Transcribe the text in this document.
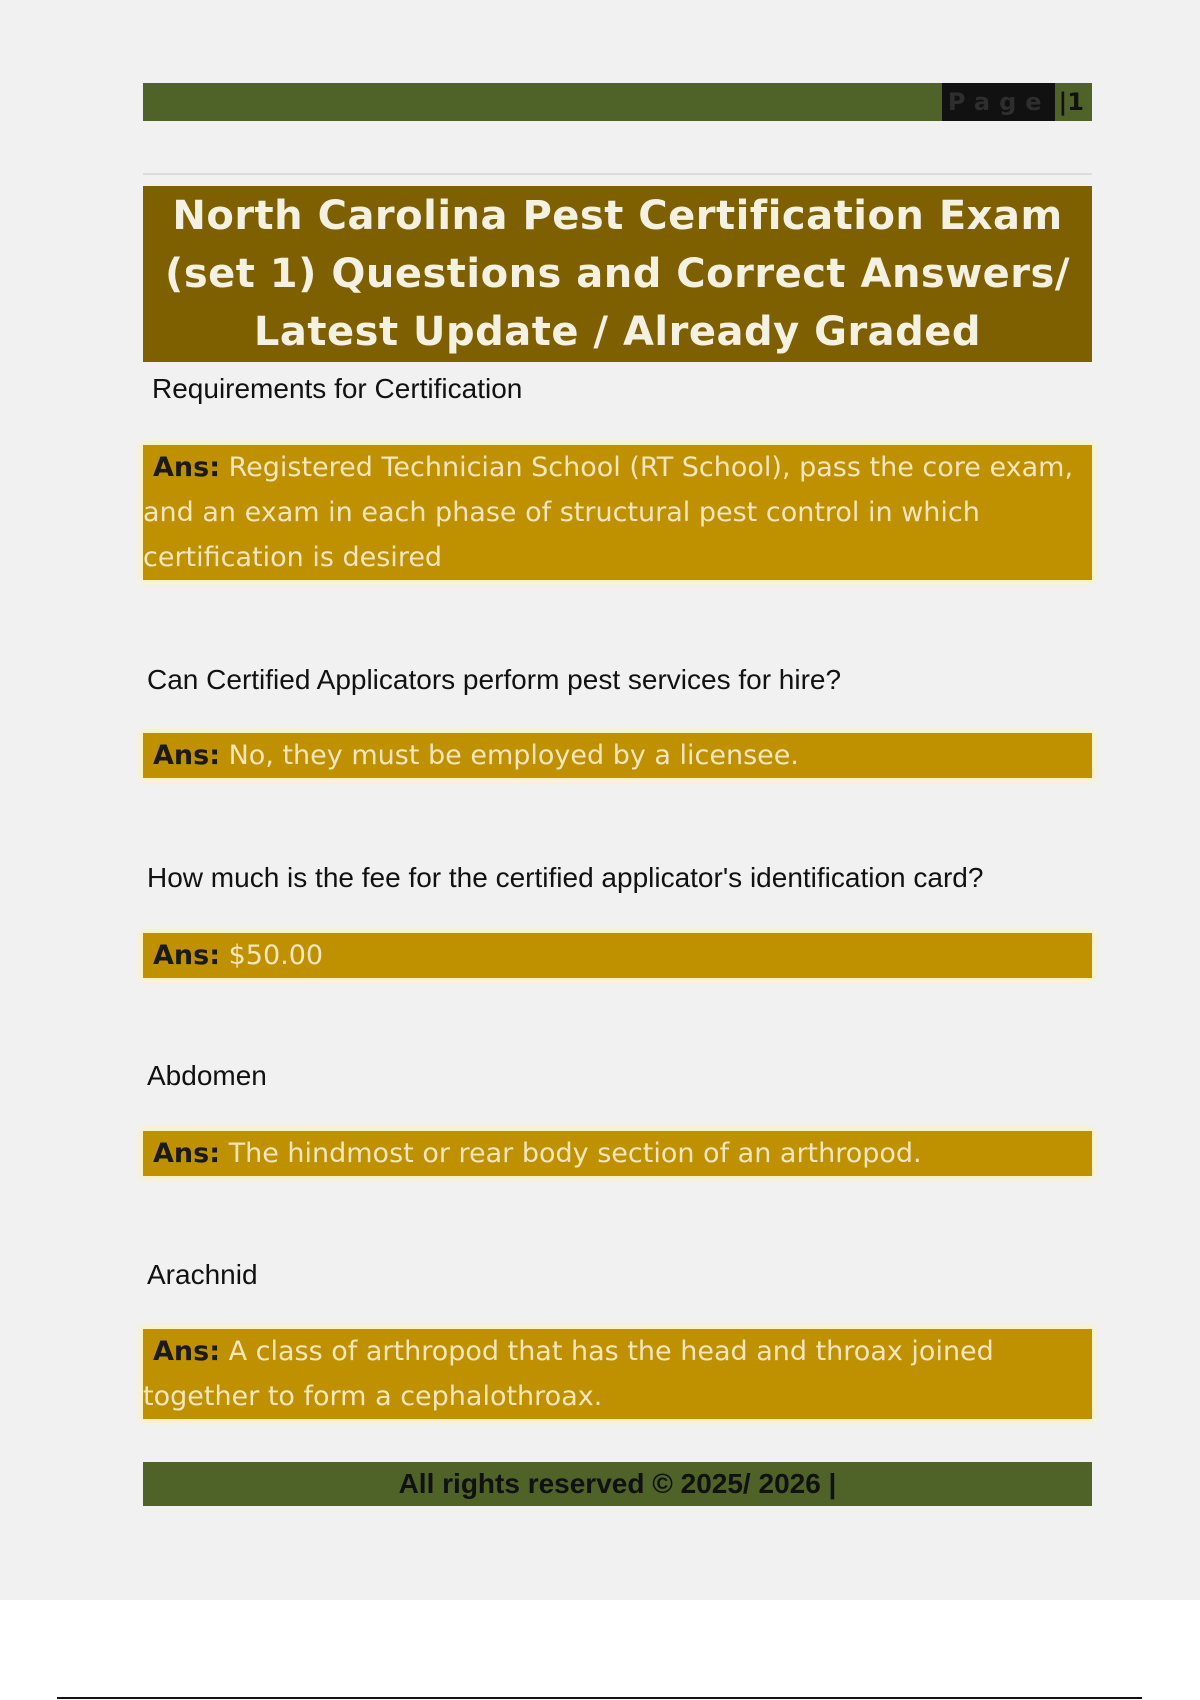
Page |1
North Carolina Pest Certification Exam (set 1) Questions and Correct Answers/ Latest Update / Already Graded
Requirements for Certification
Ans: Registered Technician School (RT School), pass the core exam, and an exam in each phase of structural pest control in which certification is desired
Can Certified Applicators perform pest services for hire?
Ans: No, they must be employed by a licensee.
How much is the fee for the certified applicator's identification card?
Ans: $50.00
Abdomen
Ans: The hindmost or rear body section of an arthropod.
Arachnid
Ans: A class of arthropod that has the head and throax joined together to form a cephalothroax.
All rights reserved © 2025/ 2026 |
